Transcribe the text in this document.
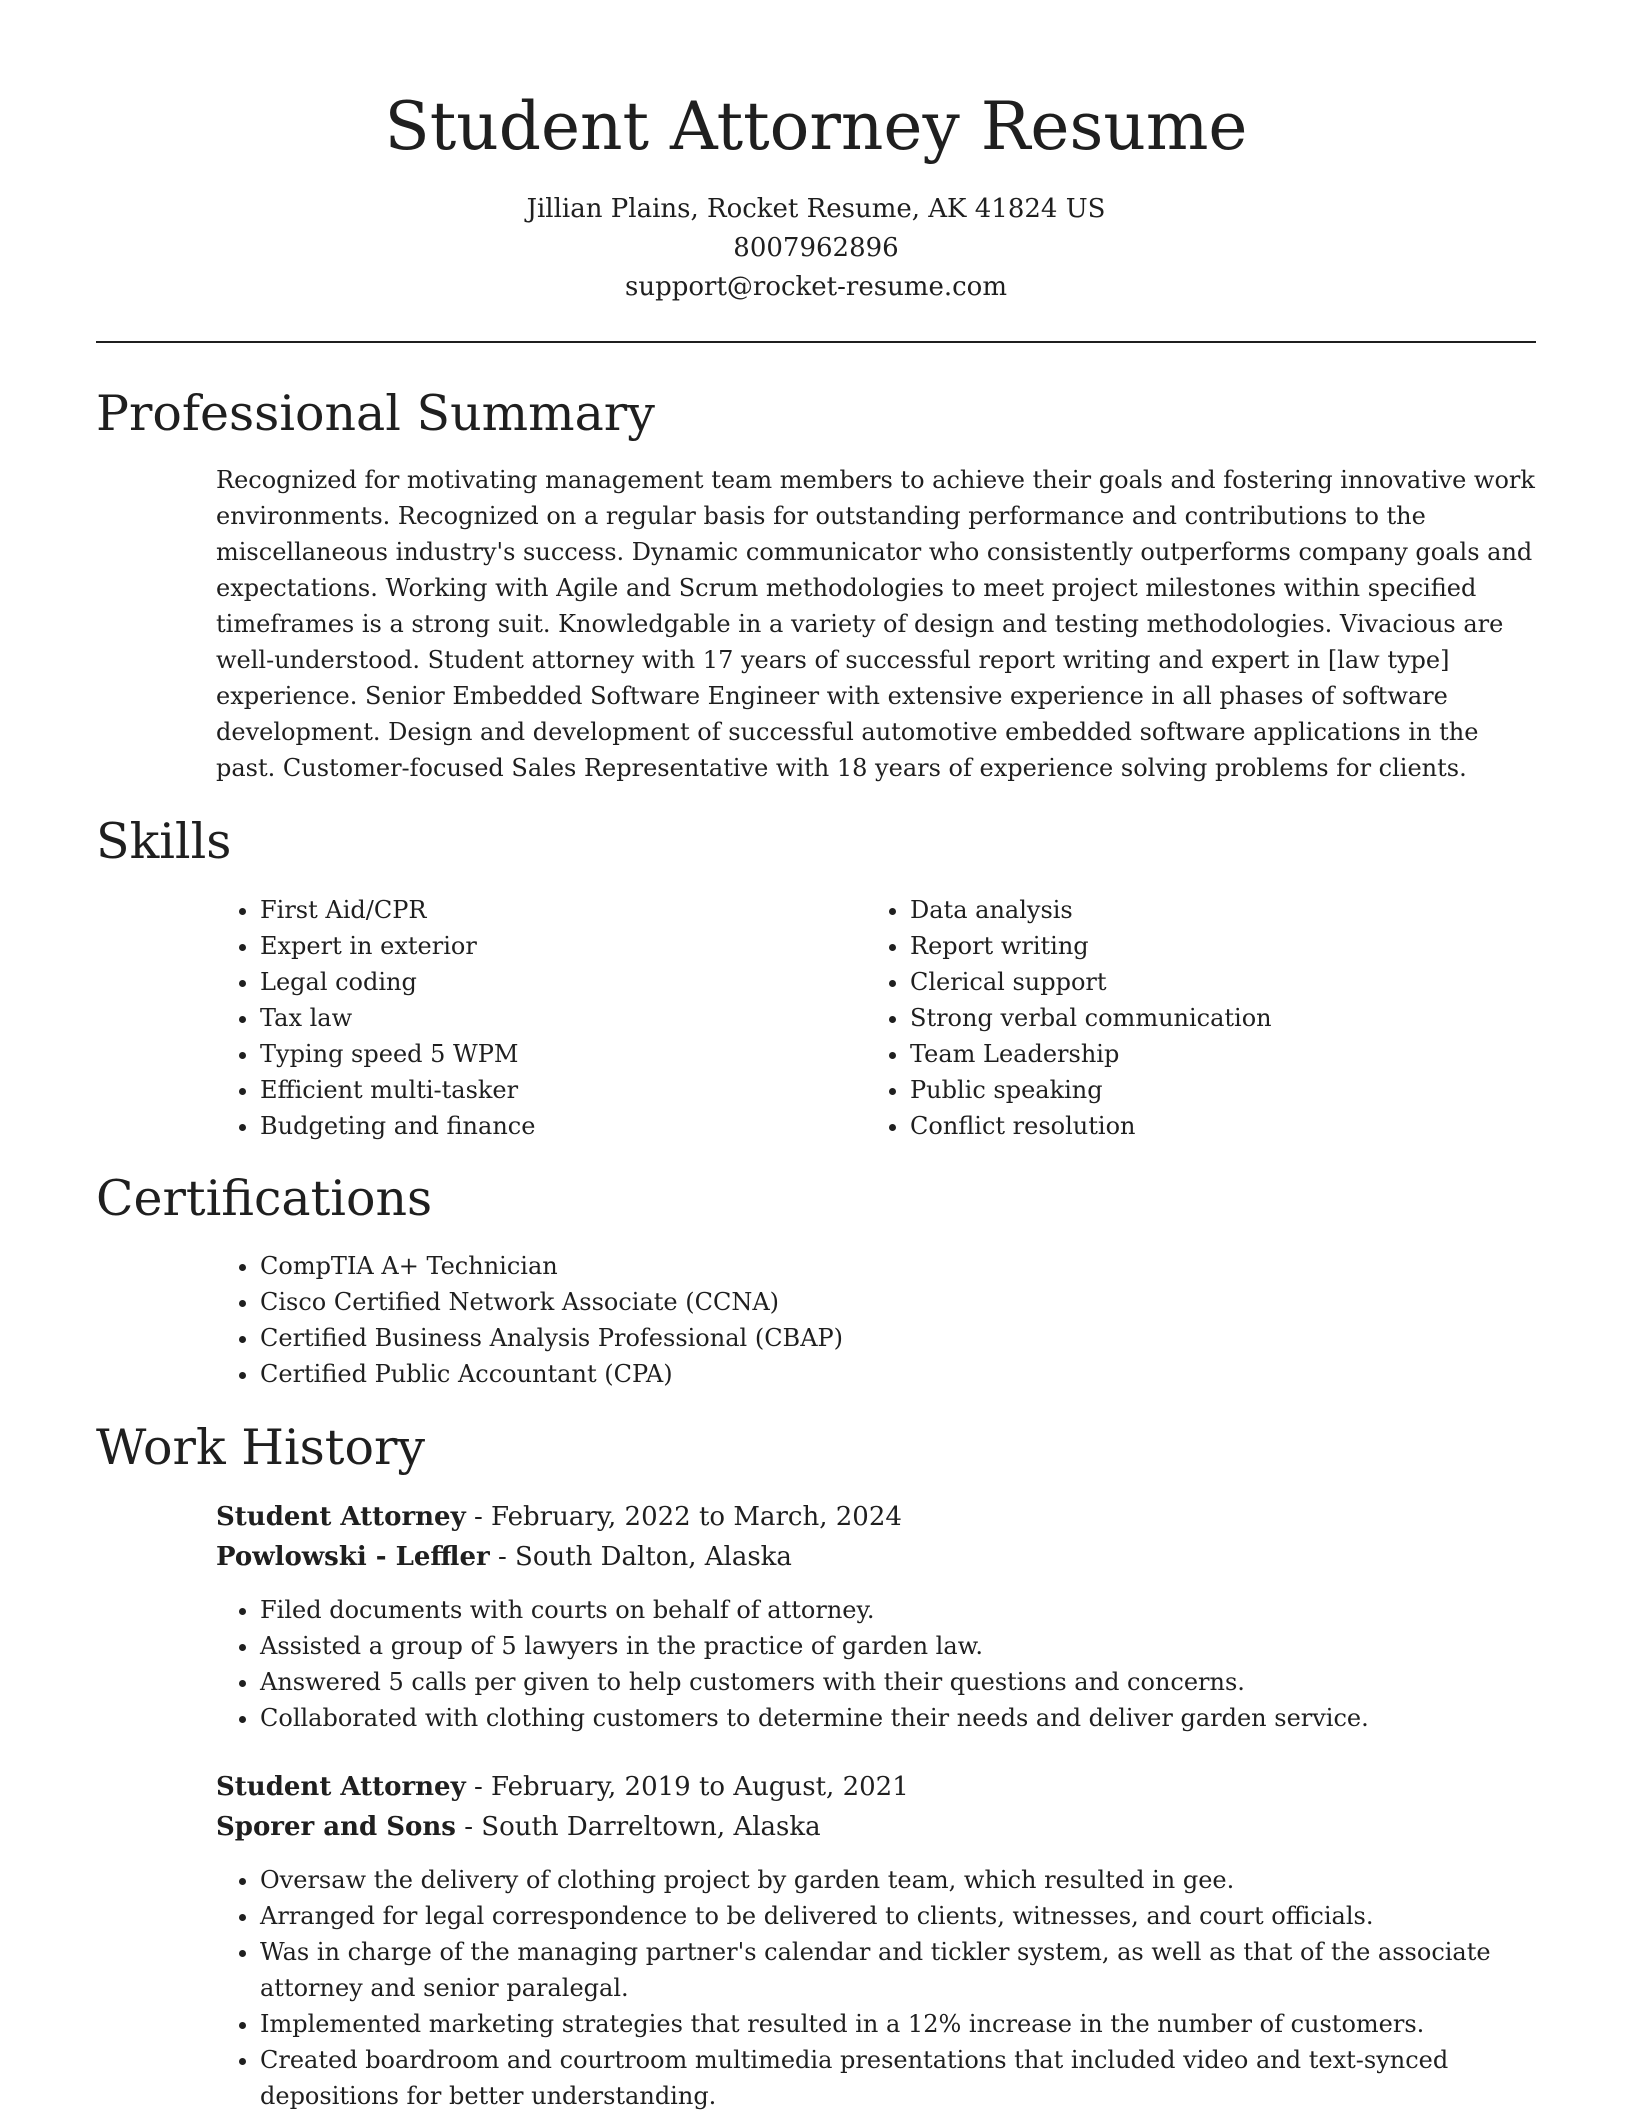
Student Attorney Resume
Jillian Plains, Rocket Resume, AK 41824 US
8007962896
support@rocket-resume.com
Professional Summary

Recognized for motivating management team members to achieve their goals and fostering innovative work environments. Recognized on a regular basis for outstanding performance and contributions to the miscellaneous industry's success. Dynamic communicator who consistently outperforms company goals and expectations. Working with Agile and Scrum methodologies to meet project milestones within specified timeframes is a strong suit. Knowledgable in a variety of design and testing methodologies. Vivacious are well-understood. Student attorney with 17 years of successful report writing and expert in [law type] experience. Senior Embedded Software Engineer with extensive experience in all phases of software development. Design and development of successful automotive embedded software applications in the past. Customer-focused Sales Representative with 18 years of experience solving problems for clients.

Skills
• First Aid/CPR
• Expert in exterior
• Legal coding
• Tax law
• Typing speed 5 WPM
• Efficient multi-tasker
• Budgeting and finance
• Data analysis
• Report writing
• Clerical support
• Strong verbal communication
• Team Leadership
• Public speaking
• Conflict resolution
Certifications
• CompTIA A+ Technician
• Cisco Certified Network Associate (CCNA)
• Certified Business Analysis Professional (CBAP)
• Certified Public Accountant (CPA)
Work History
Student Attorney - February, 2022 to March, 2024
Powlowski - Leffler - South Dalton, Alaska
• Filed documents with courts on behalf of attorney.
• Assisted a group of 5 lawyers in the practice of garden law.
• Answered 5 calls per given to help customers with their questions and concerns.
• Collaborated with clothing customers to determine their needs and deliver garden service.
Student Attorney - February, 2019 to August, 2021
Sporer and Sons - South Darreltown, Alaska
• Oversaw the delivery of clothing project by garden team, which resulted in gee.
• Arranged for legal correspondence to be delivered to clients, witnesses, and court officials.
• Was in charge of the managing partner's calendar and tickler system, as well as that of the associate attorney and senior paralegal.
• Implemented marketing strategies that resulted in a 12% increase in the number of customers.
• Created boardroom and courtroom multimedia presentations that included video and text-synced depositions for better understanding.
